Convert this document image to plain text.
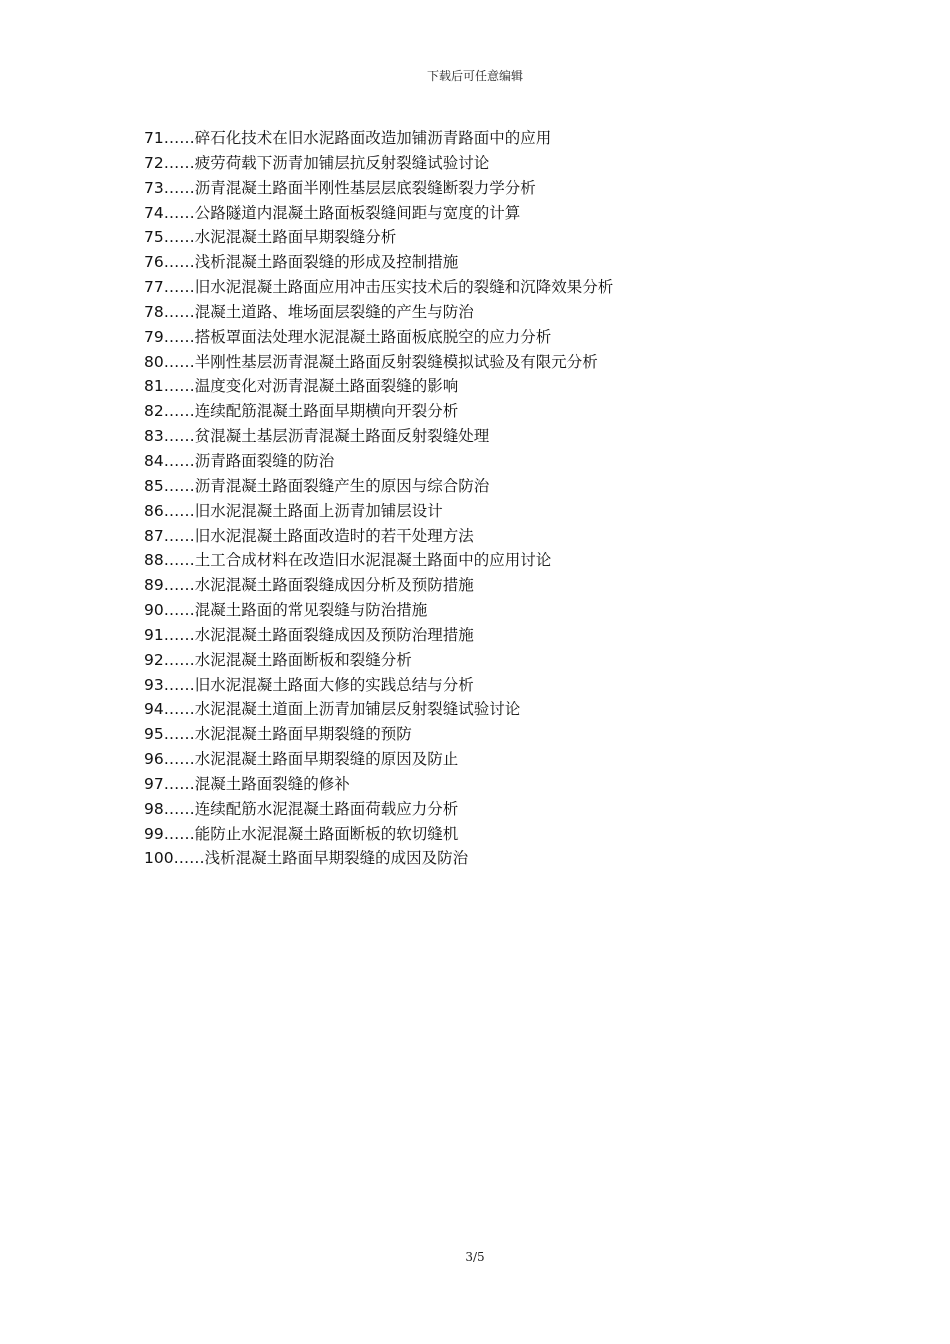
下载后可任意编辑
71……碎石化技术在旧水泥路面改造加铺沥青路面中的应用
72……疲劳荷载下沥青加铺层抗反射裂缝试验讨论
73……沥青混凝土路面半刚性基层层底裂缝断裂力学分析
74……公路隧道内混凝土路面板裂缝间距与宽度的计算
75……水泥混凝土路面早期裂缝分析
76……浅析混凝土路面裂缝的形成及控制措施
77……旧水泥混凝土路面应用冲击压实技术后的裂缝和沉降效果分析
78……混凝土道路、堆场面层裂缝的产生与防治
79……搭板罩面法处理水泥混凝土路面板底脱空的应力分析
80……半刚性基层沥青混凝土路面反射裂缝模拟试验及有限元分析
81……温度变化对沥青混凝土路面裂缝的影响
82……连续配筋混凝土路面早期横向开裂分析
83……贫混凝土基层沥青混凝土路面反射裂缝处理
84……沥青路面裂缝的防治
85……沥青混凝土路面裂缝产生的原因与综合防治
86……旧水泥混凝土路面上沥青加铺层设计
87……旧水泥混凝土路面改造时的若干处理方法
88……土工合成材料在改造旧水泥混凝土路面中的应用讨论
89……水泥混凝土路面裂缝成因分析及预防措施
90……混凝土路面的常见裂缝与防治措施
91……水泥混凝土路面裂缝成因及预防治理措施
92……水泥混凝土路面断板和裂缝分析
93……旧水泥混凝土路面大修的实践总结与分析
94……水泥混凝土道面上沥青加铺层反射裂缝试验讨论
95……水泥混凝土路面早期裂缝的预防
96……水泥混凝土路面早期裂缝的原因及防止
97……混凝土路面裂缝的修补
98……连续配筋水泥混凝土路面荷载应力分析
99……能防止水泥混凝土路面断板的软切缝机
100……浅析混凝土路面早期裂缝的成因及防治
3/5
